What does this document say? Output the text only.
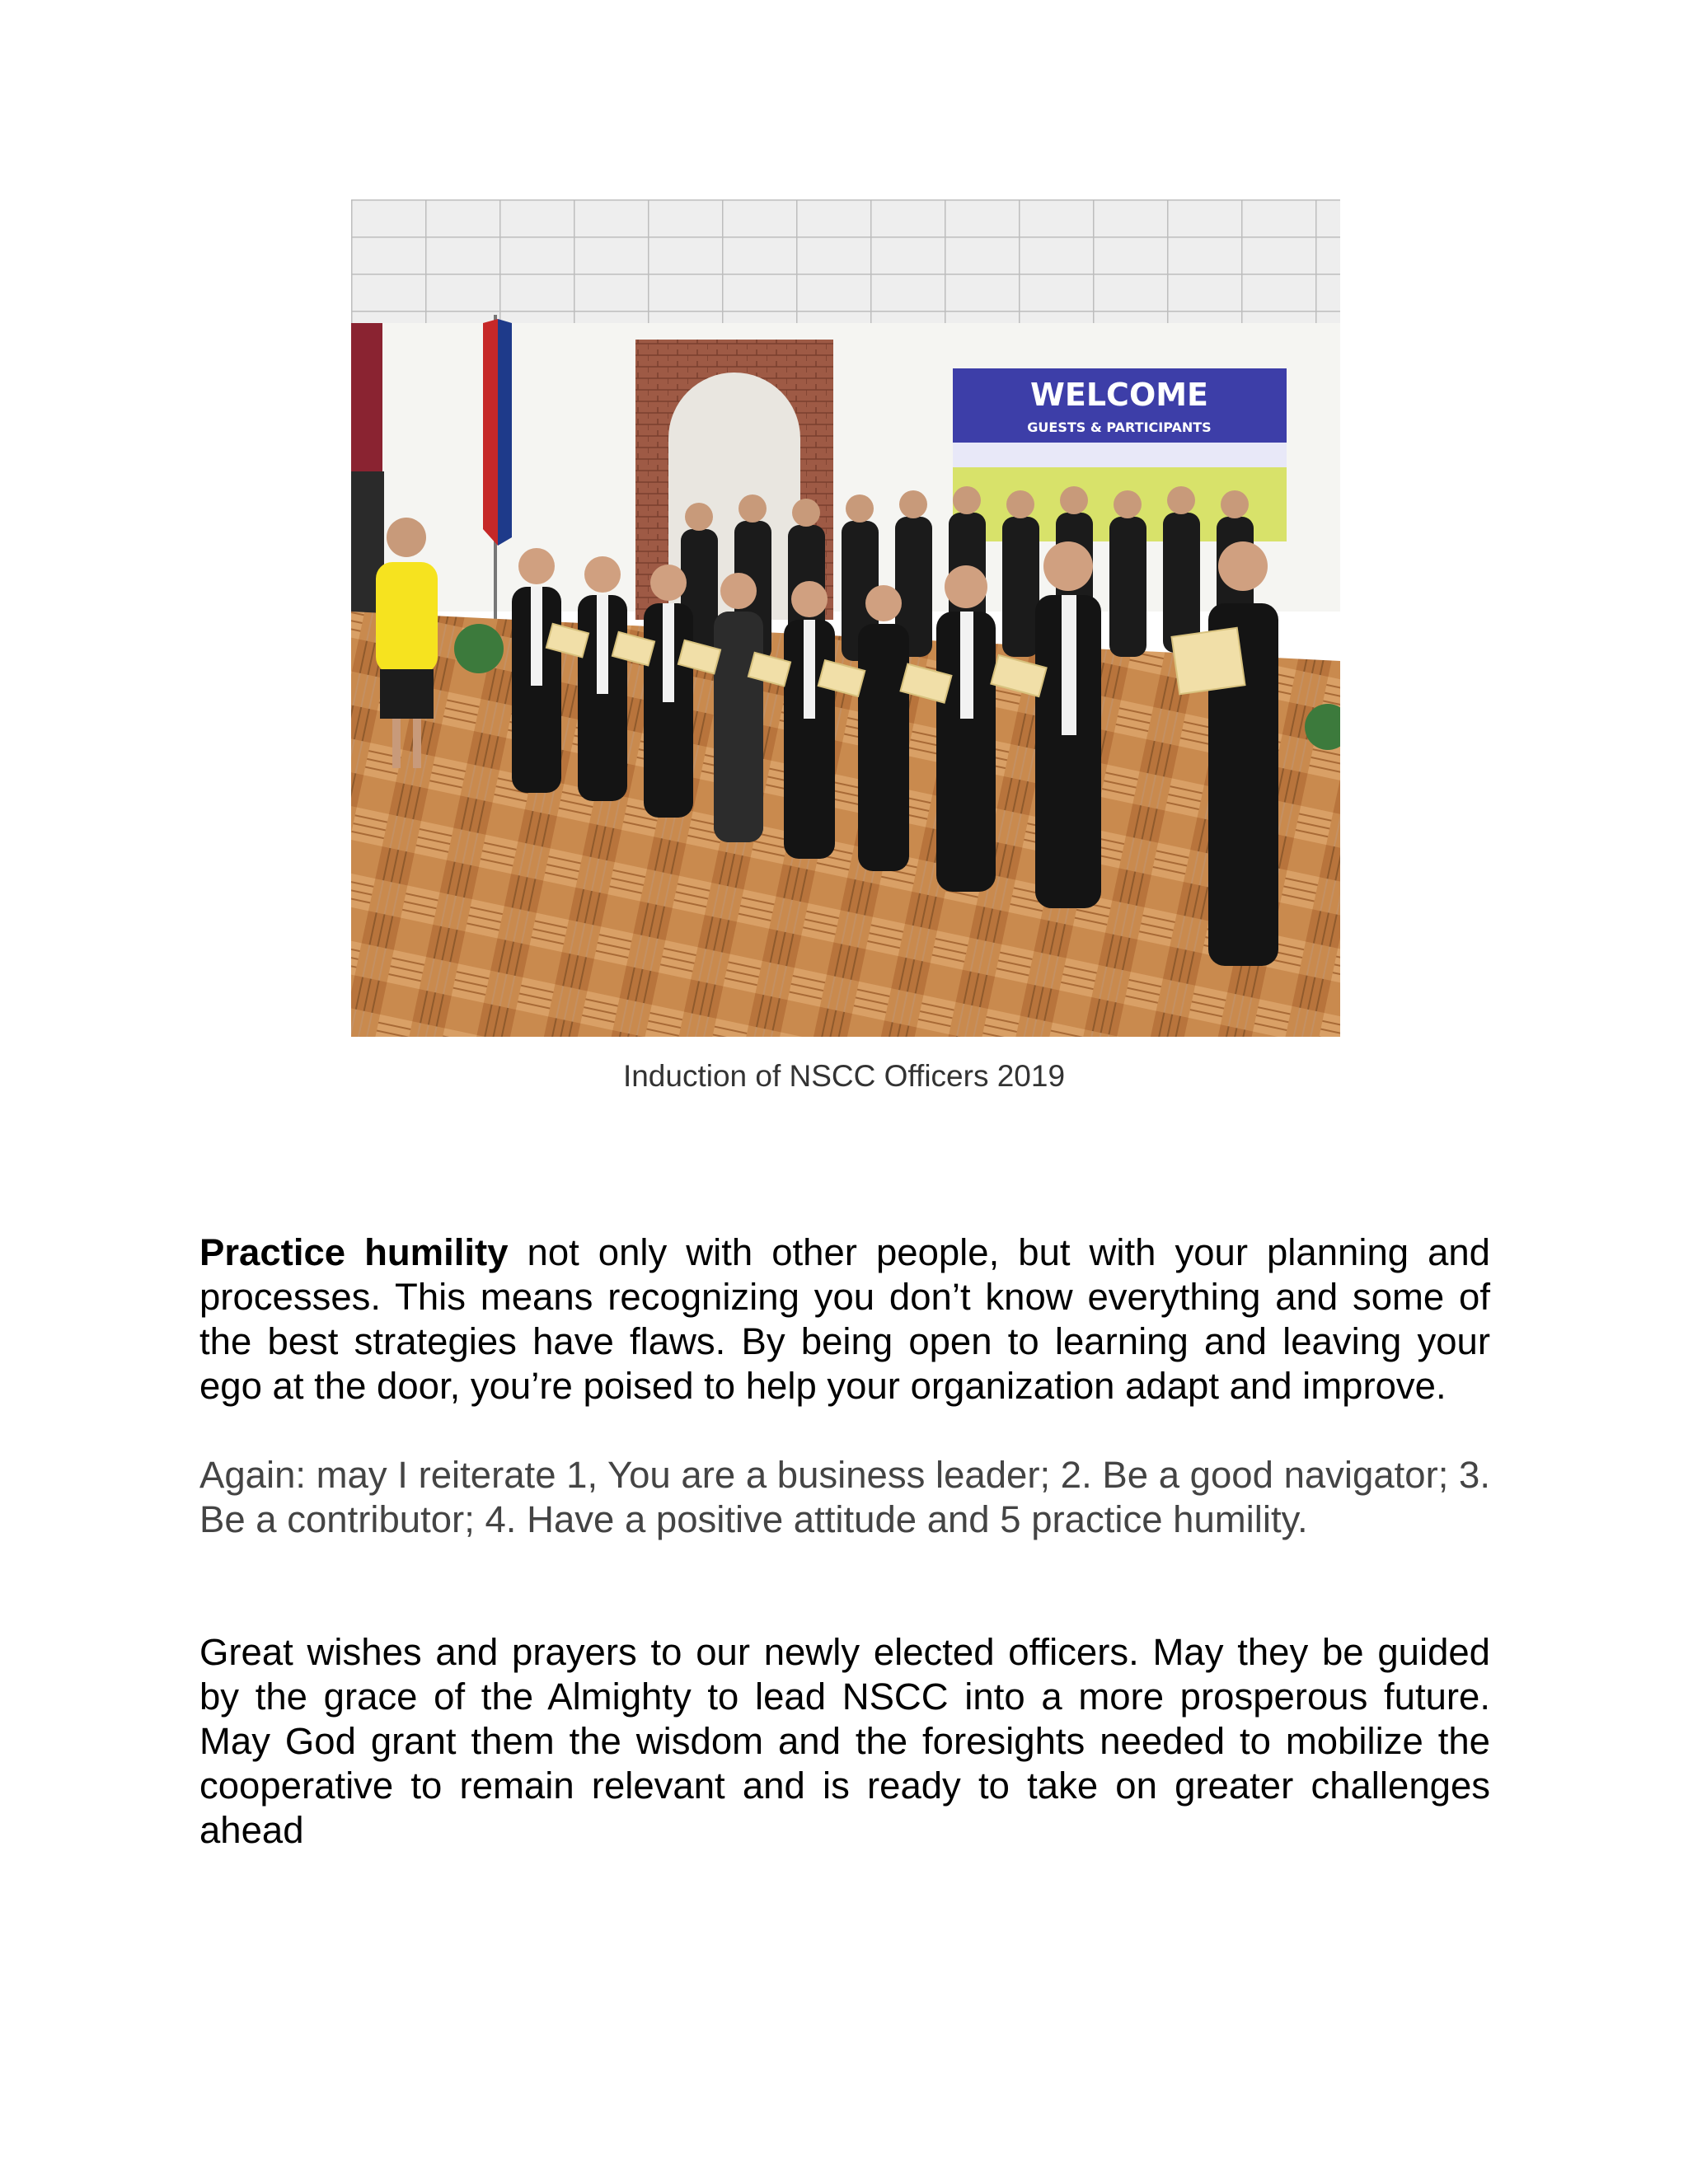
WELCOME
GUESTS & PARTICIPANTS
Induction of NSCC Officers 2019

Practice humility not only with other people, but with your planning and processes. This means recognizing you don’t know everything and some of the best strategies have flaws. By being open to learning and leaving your ego at the door, you’re poised to help your organization adapt and improve.

Again: may I reiterate 1, You are a business leader; 2. Be a good navigator; 3. Be a contributor; 4. Have a positive attitude and 5 practice humility.

Great wishes and prayers to our newly elected officers. May they be guided by the grace of the Almighty to lead NSCC into a more prosperous future. May God grant them the wisdom and the foresights needed to mobilize the cooperative to remain relevant and is ready to take on greater challenges ahead
